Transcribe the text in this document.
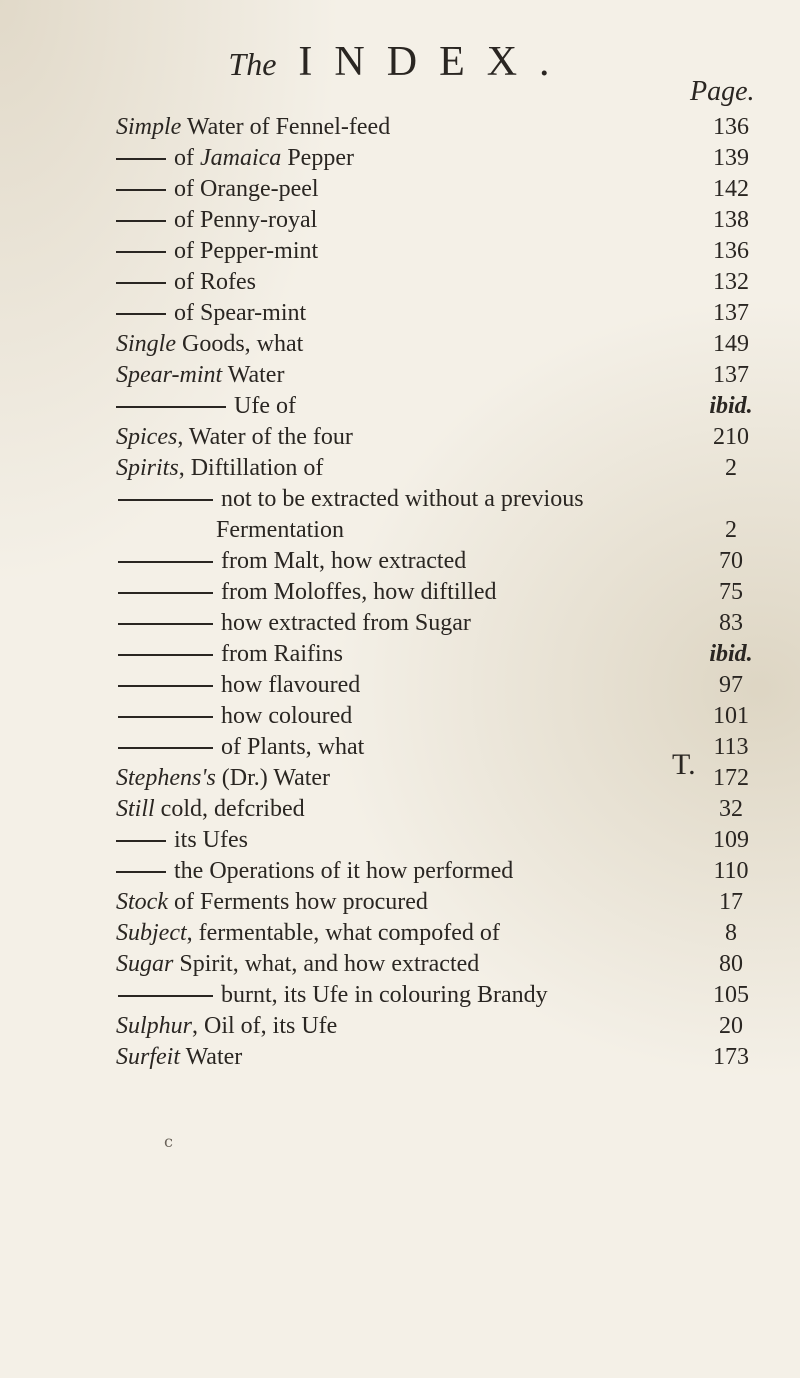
The INDEX.
Page.
Simple Water of Fennel-feed	136
of Jamaica Pepper	139
of Orange-peel	142
of Penny-royal	138
of Pepper-mint	136
of Rofes	132
of Spear-mint	137
Single Goods, what	149
Spear-mint Water	137
Ufe of	ibid.
Spices, Water of the four	210
Spirits, Diftillation of	2
not to be extracted without a previous
Fermentation	2
from Malt, how extracted	70
from Moloffes, how diftilled	75
how extracted from Sugar	83
from Raifins	ibid.
how flavoured	97
how coloured	101
of Plants, what	113
Stephens's (Dr.) Water	172
Still cold, defcribed	32
its Ufes	109
the Operations of it how performed	110
Stock of Ferments how procured	17
Subject, fermentable, what compofed of	8
Sugar Spirit, what, and how extracted	80
burnt, its Ufe in colouring Brandy	105
Sulphur, Oil of, its Ufe	20
Surfeit Water	173
T.
c
